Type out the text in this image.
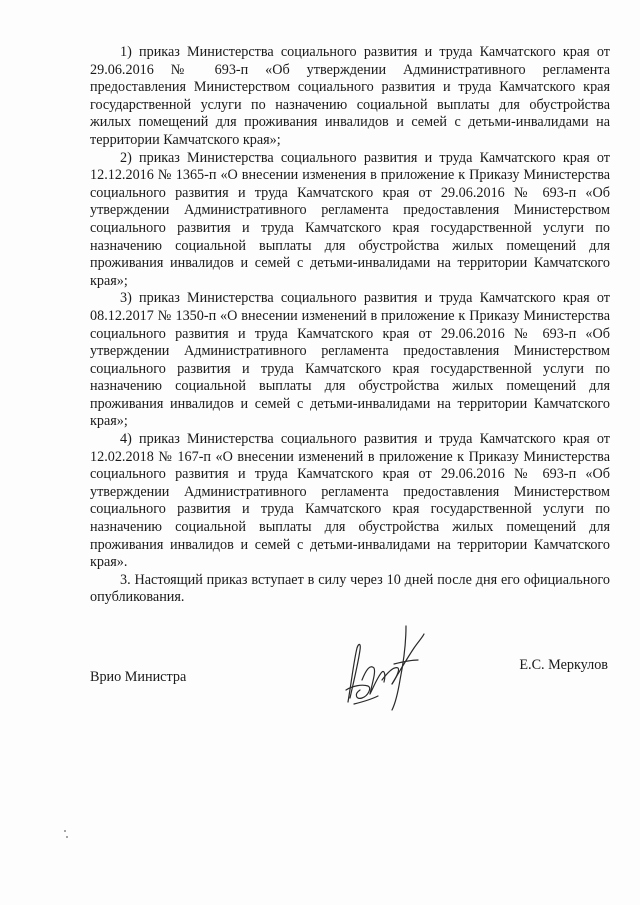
1) приказ Министерства социального развития и труда Камчатского края от 29.06.2016 № 693-п «Об утверждении Административного регламента предоставления Министерством социального развития и труда Камчатского края государственной услуги по назначению социальной выплаты для обустройства жилых помещений для проживания инвалидов и семей с детьми-инвалидами на территории Камчатского края»;

2) приказ Министерства социального развития и труда Камчатского края от 12.12.2016 № 1365-п «О внесении изменения в приложение к Приказу Министерства социального развития и труда Камчатского края от 29.06.2016 № 693-п «Об утверждении Административного регламента предоставления Министерством социального развития и труда Камчатского края государственной услуги по назначению социальной выплаты для обустройства жилых помещений для проживания инвалидов и семей с детьми-инвалидами на территории Камчатского края»;

3) приказ Министерства социального развития и труда Камчатского края от 08.12.2017 № 1350-п «О внесении изменений в приложение к Приказу Министерства социального развития и труда Камчатского края от 29.06.2016 № 693-п «Об утверждении Административного регламента предоставления Министерством социального развития и труда Камчатского края государственной услуги по назначению социальной выплаты для обустройства жилых помещений для проживания инвалидов и семей с детьми-инвалидами на территории Камчатского края»;

4) приказ Министерства социального развития и труда Камчатского края от 12.02.2018 № 167-п «О внесении изменений в приложение к Приказу Министерства социального развития и труда Камчатского края от 29.06.2016 № 693-п «Об утверждении Административного регламента предоставления Министерством социального развития и труда Камчатского края государственной услуги по назначению социальной выплаты для обустройства жилых помещений для проживания инвалидов и семей с детьми-инвалидами на территории Камчатского края».

3. Настоящий приказ вступает в силу через 10 дней после дня его официального опубликования.

Врио Министра
Е.С. Меркулов
